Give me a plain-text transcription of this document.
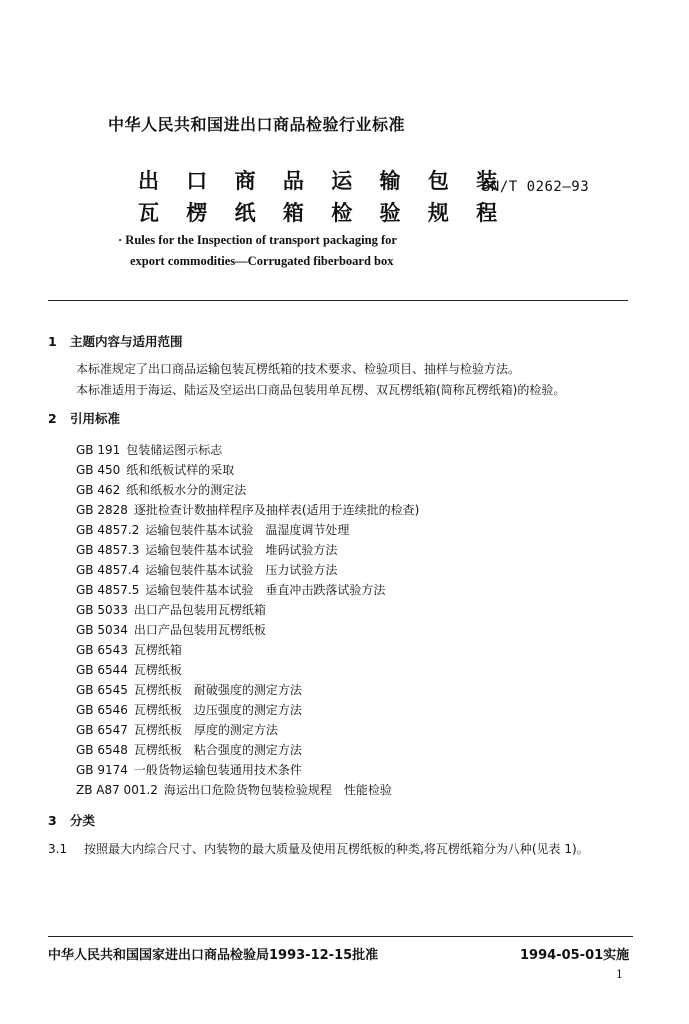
中华人民共和国进出口商品检验行业标准
出 口 商 品 运 输 包 装
瓦 楞 纸 箱 检 验 规 程
SN/T 0262—93
· Rules for the Inspection of transport packaging for
export commodities—Corrugated fiberboard box
1 主题内容与适用范围
本标准规定了出口商品运输包装瓦楞纸箱的技术要求、检验项目、抽样与检验方法。
本标准适用于海运、陆运及空运出口商品包装用单瓦楞、双瓦楞纸箱(简称瓦楞纸箱)的检验。
2 引用标准
GB 191 包装储运图示标志
GB 450 纸和纸板试样的采取
GB 462 纸和纸板水分的测定法
GB 2828 逐批检查计数抽样程序及抽样表(适用于连续批的检查)
GB 4857.2 运输包装件基本试验　温湿度调节处理
GB 4857.3 运输包装件基本试验　堆码试验方法
GB 4857.4 运输包装件基本试验　压力试验方法
GB 4857.5 运输包装件基本试验　垂直冲击跌落试验方法
GB 5033 出口产品包装用瓦楞纸箱
GB 5034 出口产品包装用瓦楞纸板
GB 6543 瓦楞纸箱
GB 6544 瓦楞纸板
GB 6545 瓦楞纸板　耐破强度的测定方法
GB 6546 瓦楞纸板　边压强度的测定方法
GB 6547 瓦楞纸板　厚度的测定方法
GB 6548 瓦楞纸板　粘合强度的测定方法
GB 9174 一般货物运输包装通用技术条件
ZB A87 001.2 海运出口危险货物包装检验规程　性能检验
3 分类
3.1 按照最大内综合尺寸、内装物的最大质量及使用瓦楞纸板的种类,将瓦楞纸箱分为八种(见表 1)。
中华人民共和国国家进出口商品检验局1993-12-15批准	1994-05-01实施
1
